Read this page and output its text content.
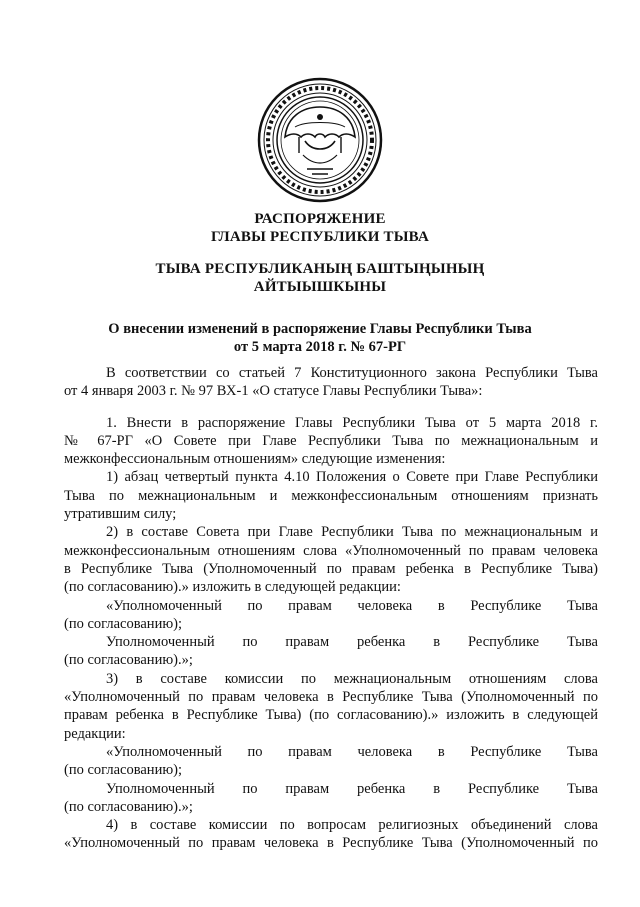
РАСПОРЯЖЕНИЕ
ГЛАВЫ РЕСПУБЛИКИ ТЫВА
ТЫВА РЕСПУБЛИКАНЫҢ БАШТЫҢЫНЫҢ
АЙТЫЫШКЫНЫ
О внесении изменений в распоряжение Главы Республики Тыва
от 5 марта 2018 г. № 67-РГ
В соответствии со статьей 7 Конституционного закона Республики Тыва
от 4 января 2003 г. № 97 ВХ-1 «О статусе Главы Республики Тыва»:
1. Внести в распоряжение Главы Республики Тыва от 5 марта 2018 г.
№ 67-РГ «О Совете при Главе Республики Тыва по межнациональным и
межконфессиональным отношениям» следующие изменения:
1) абзац четвертый пункта 4.10 Положения о Совете при Главе Республики
Тыва по межнациональным и межконфессиональным отношениям признать
утратившим силу;
2) в составе Совета при Главе Республики Тыва по межнациональным и
межконфессиональным отношениям слова «Уполномоченный по правам человека
в Республике Тыва (Уполномоченный по правам ребенка в Республике Тыва)
(по согласованию).» изложить в следующей редакции:
«Уполномоченный по правам человека в Республике Тыва
(по согласованию);
Уполномоченный по правам ребенка в Республике Тыва
(по согласованию).»;
3) в составе комиссии по межнациональным отношениям слова
«Уполномоченный по правам человека в Республике Тыва (Уполномоченный по
правам ребенка в Республике Тыва) (по согласованию).» изложить в следующей
редакции:
«Уполномоченный по правам человека в Республике Тыва
(по согласованию);
Уполномоченный по правам ребенка в Республике Тыва
(по согласованию).»;
4) в составе комиссии по вопросам религиозных объединений слова
«Уполномоченный по правам человека в Республике Тыва (Уполномоченный по
